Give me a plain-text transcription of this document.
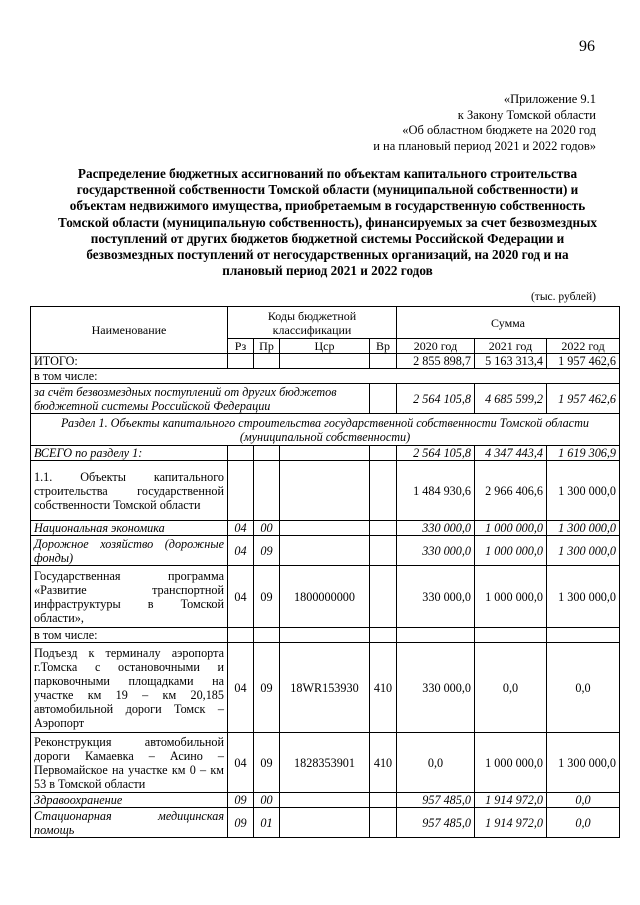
96
«Приложение 9.1
к Закону Томской области
«Об областном бюджете на 2020 год
и на плановый период 2021 и 2022 годов»
Распределение бюджетных ассигнований по объектам капитального строительства государственной собственности Томской области (муниципальной собственности) и объектам недвижимого имущества, приобретаемым в государственную собственность Томской области (муниципальную собственность), финансируемых за счет безвозмездных поступлений от других бюджетов бюджетной системы Российской Федерации и безвозмездных поступлений от негосударственных организаций, на 2020 год и на плановый период 2021 и 2022 годов
(тыс. рублей)
Наименование	Коды бюджетной классификации				Сумма		
	Рз	Пр	Цср	Вр	2020 год	2021 год	2022 год
ИТОГО:					2 855 898,7	5 163 313,4	1 957 462,6
в том числе:							
за счёт безвозмездных поступлений от других бюджетов бюджетной системы Российской Федерации					2 564 105,8	4 685 599,2	1 957 462,6
Раздел 1. Объекты капитального строительства государственной собственности Томской области (муниципальной собственности)							
ВСЕГО по разделу 1:					2 564 105,8	4 347 443,4	1 619 306,9
1.1. Объекты капитального строительства государственной собственности Томской области					1 484 930,6	2 966 406,6	1 300 000,0
Национальная экономика	04	00			330 000,0	1 000 000,0	1 300 000,0
Дорожное хозяйство (дорожные фонды)	04	09			330 000,0	1 000 000,0	1 300 000,0
Государственная программа «Развитие транспортной инфраструктуры в Томской области»,	04	09	1800000000		330 000,0	1 000 000,0	1 300 000,0
в том числе:							
Подъезд к терминалу аэропорта г.Томска с остановочными и парковочными площадками на участке км 19 – км 20,185 автомобильной дороги Томск – Аэропорт	04	09	18WR153930	410	330 000,0	0,0	0,0
Реконструкция автомобильной дороги Камаевка – Асино – Первомайское на участке км 0 – км 53 в Томской области	04	09	1828353901	410	0,0	1 000 000,0	1 300 000,0
Здравоохранение	09	00			957 485,0	1 914 972,0	0,0
Стационарная медицинская помощь	09	01			957 485,0	1 914 972,0	0,0
